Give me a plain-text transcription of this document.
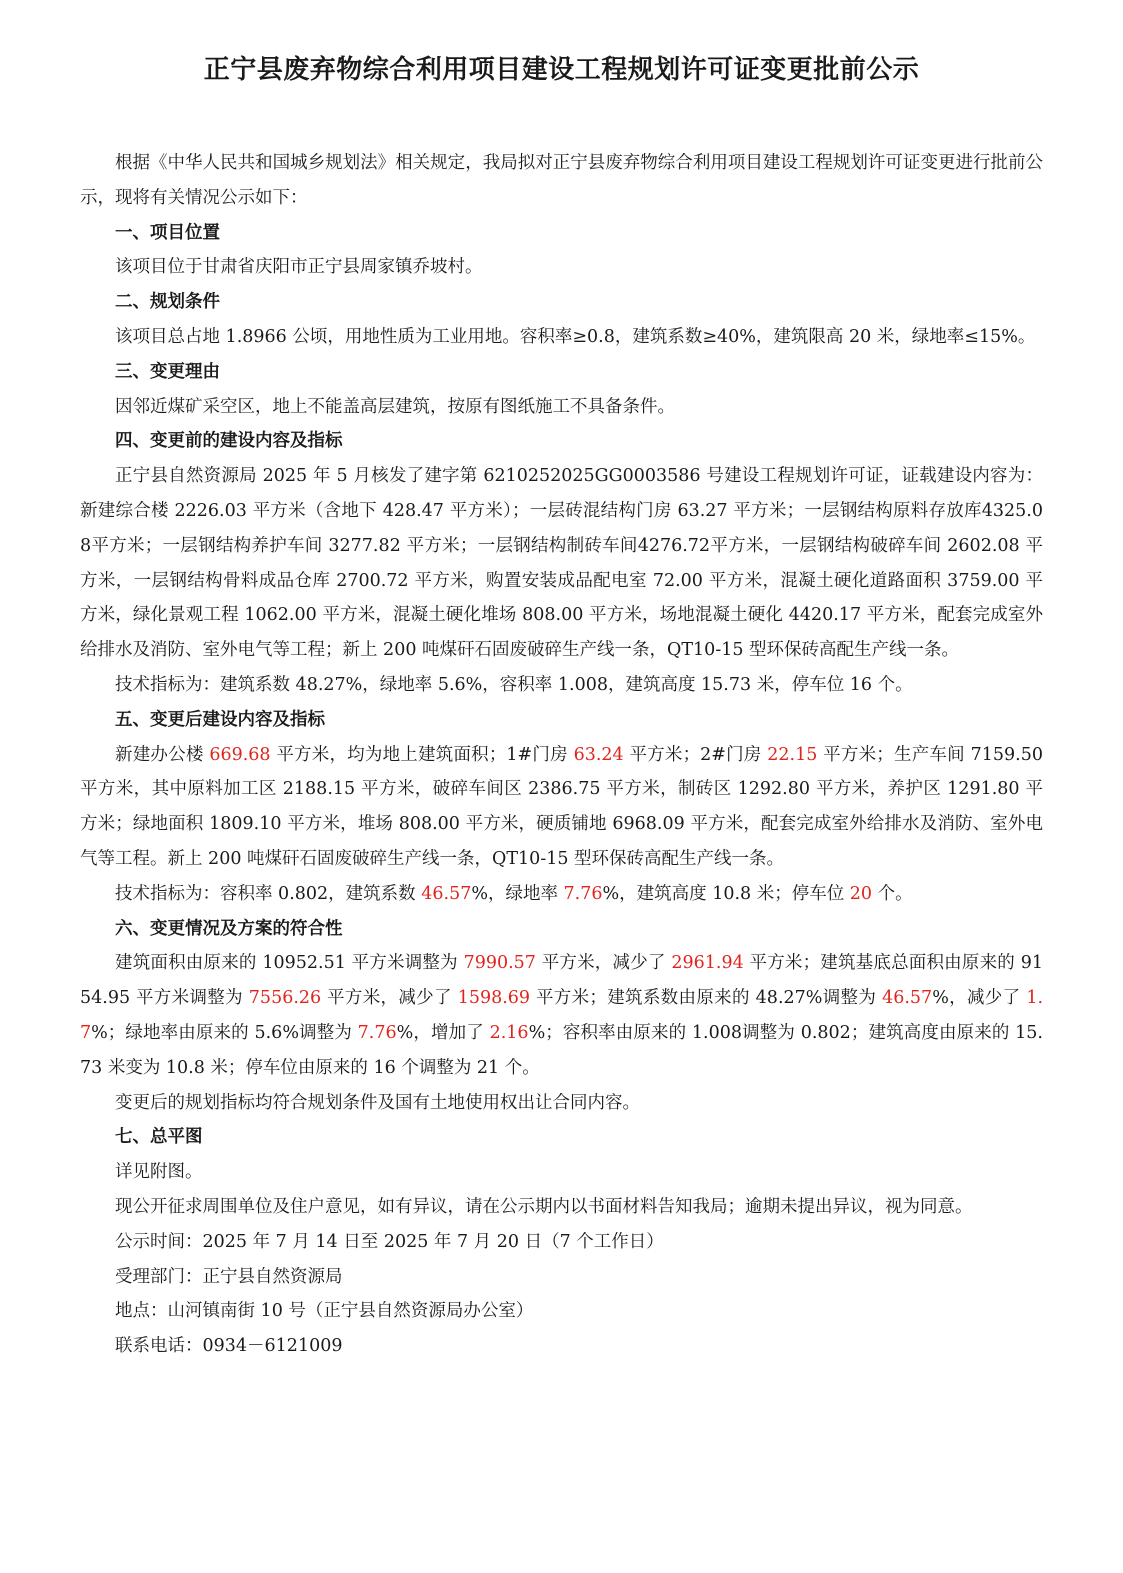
正宁县废弃物综合利用项目建设工程规划许可证变更批前公示

根据《中华人民共和国城乡规划法》相关规定，我局拟对正宁县废弃物综合利用项目建设工程规划许可证变更进行批前公示，现将有关情况公示如下：

一、项目位置

该项目位于甘肃省庆阳市正宁县周家镇乔坡村。

二、规划条件

该项目总占地 1.8966 公顷，用地性质为工业用地。容积率≥0.8，建筑系数≥40%，建筑限高 20 米，绿地率≤15%。

三、变更理由

因邻近煤矿采空区，地上不能盖高层建筑，按原有图纸施工不具备条件。

四、变更前的建设内容及指标

正宁县自然资源局 2025 年 5 月核发了建字第 6210252025GG0003586 号建设工程规划许可证，证载建设内容为：新建综合楼 2226.03 平方米（含地下 428.47 平方米）；一层砖混结构门房 63.27 平方米；一层钢结构原料存放库4325.08平方米；一层钢结构养护车间 3277.82 平方米；一层钢结构制砖车间4276.72平方米，一层钢结构破碎车间 2602.08 平方米，一层钢结构骨料成品仓库 2700.72 平方米，购置安装成品配电室 72.00 平方米，混凝土硬化道路面积 3759.00 平方米，绿化景观工程 1062.00 平方米，混凝土硬化堆场 808.00 平方米，场地混凝土硬化 4420.17 平方米，配套完成室外给排水及消防、室外电气等工程；新上 200 吨煤矸石固废破碎生产线一条，QT10-15 型环保砖高配生产线一条。

技术指标为：建筑系数 48.27%，绿地率 5.6%，容积率 1.008，建筑高度 15.73 米，停车位 16 个。

五、变更后建设内容及指标

新建办公楼 669.68 平方米，均为地上建筑面积；1#门房 63.24 平方米；2#门房 22.15 平方米；生产车间 7159.50 平方米，其中原料加工区 2188.15 平方米，破碎车间区 2386.75 平方米，制砖区 1292.80 平方米，养护区 1291.80 平方米；绿地面积 1809.10 平方米，堆场 808.00 平方米，硬质铺地 6968.09 平方米，配套完成室外给排水及消防、室外电气等工程。新上 200 吨煤矸石固废破碎生产线一条，QT10-15 型环保砖高配生产线一条。

技术指标为：容积率 0.802，建筑系数 46.57%，绿地率 7.76%，建筑高度 10.8 米；停车位 20 个。

六、变更情况及方案的符合性

建筑面积由原来的 10952.51 平方米调整为 7990.57 平方米，减少了 2961.94 平方米；建筑基底总面积由原来的 9154.95 平方米调整为 7556.26 平方米，减少了 1598.69 平方米；建筑系数由原来的 48.27%调整为 46.57%，减少了 1.7%；绿地率由原来的 5.6%调整为 7.76%，增加了 2.16%；容积率由原来的 1.008调整为 0.802；建筑高度由原来的 15.73 米变为 10.8 米；停车位由原来的 16 个调整为 21 个。

变更后的规划指标均符合规划条件及国有土地使用权出让合同内容。

七、总平图

详见附图。

现公开征求周围单位及住户意见，如有异议，请在公示期内以书面材料告知我局；逾期未提出异议，视为同意。

公示时间：2025 年 7 月 14 日至 2025 年 7 月 20 日（7 个工作日）

受理部门：正宁县自然资源局

地点：山河镇南街 10 号（正宁县自然资源局办公室）

联系电话：0934－6121009
